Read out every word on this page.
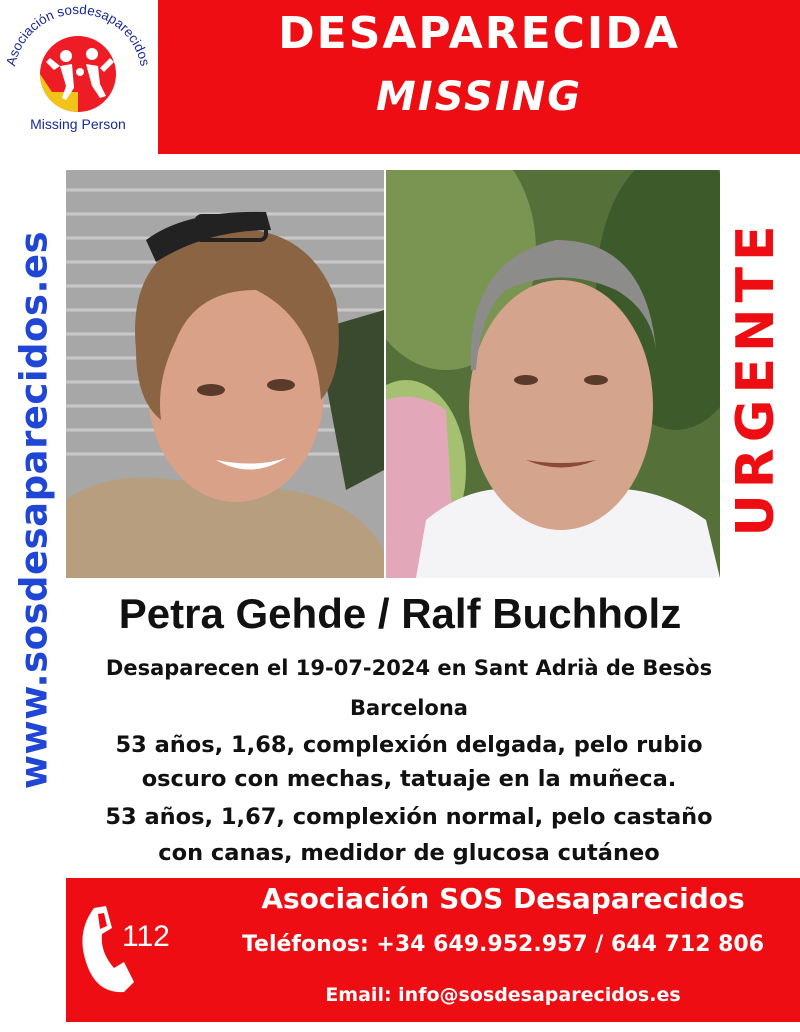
Asociación sosdesaparecidos
Missing Person
DESAPARECIDA
MISSING
www.sosdesaparecidos.es	URGENTE
Petra Gehde / Ralf Buchholz
Desaparecen el 19-07-2024 en Sant Adrià de Besòs
Barcelona
53 años, 1,68, complexión delgada, pelo rubio
oscuro con mechas, tatuaje en la muñeca.
53 años, 1,67, complexión normal, pelo castaño
con canas, medidor de glucosa cutáneo
112
Asociación SOS Desaparecidos
Teléfonos: +34 649.952.957 / 644 712 806
Email: info@sosdesaparecidos.es
